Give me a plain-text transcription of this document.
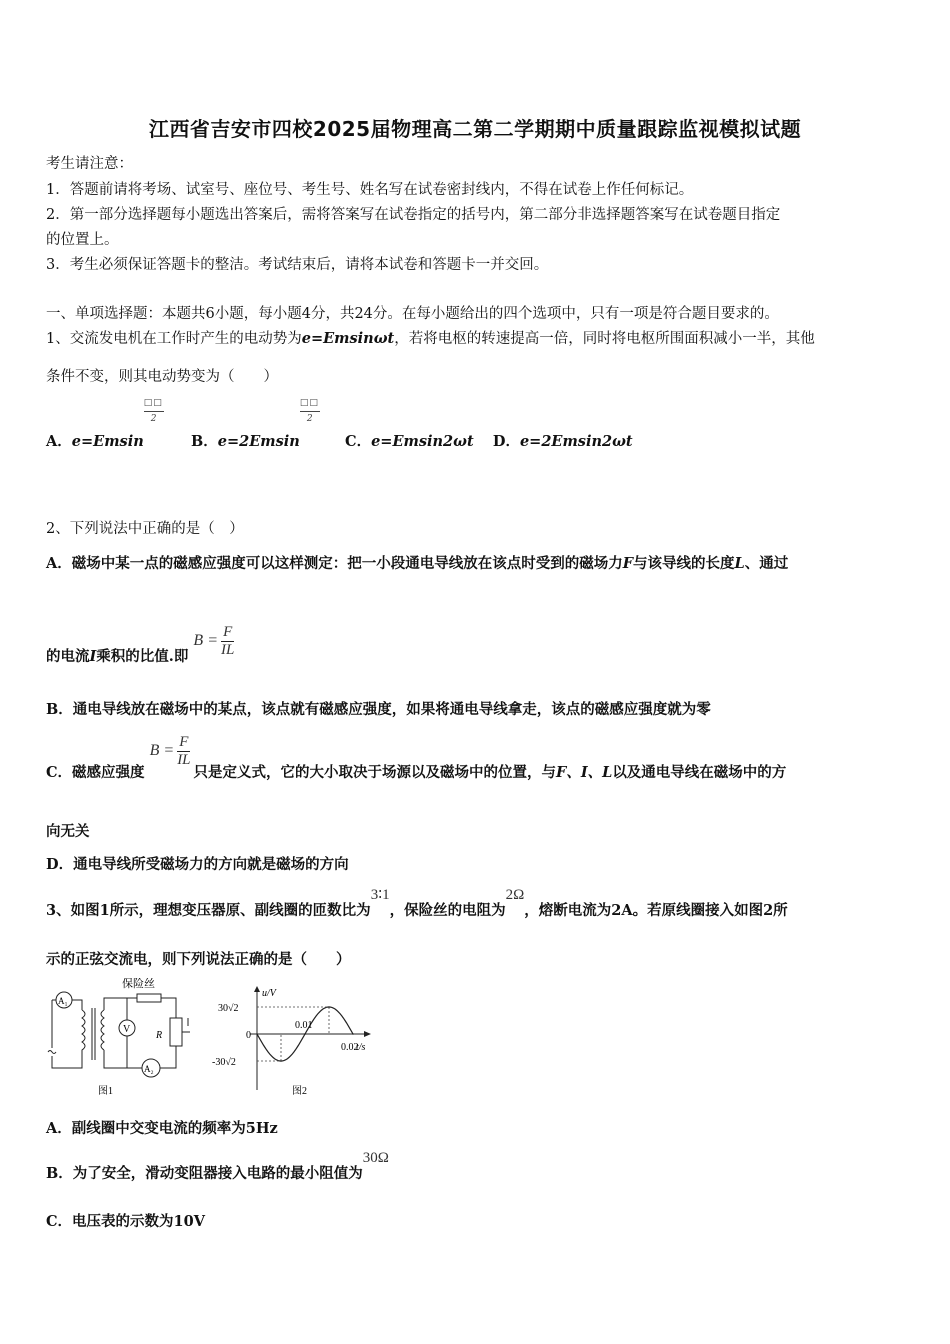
江西省吉安市四校2025届物理高二第二学期期中质量跟踪监视模拟试题
考生请注意：
1．答题前请将考场、试室号、座位号、考生号、姓名写在试卷密封线内，不得在试卷上作任何标记。
2．第一部分选择题每小题选出答案后，需将答案写在试卷指定的括号内，第二部分非选择题答案写在试卷题目指定
的位置上。
3．考生必须保证答题卡的整洁。考试结束后，请将本试卷和答题卡一并交回。
一、单项选择题：本题共6小题，每小题4分，共24分。在每小题给出的四个选项中，只有一项是符合题目要求的。
1、交流发电机在工作时产生的电动势为e=Emsinωt，若将电枢的转速提高一倍，同时将电枢所围面积减小一半，其他
条件不变，则其电动势变为（　　）
A．e=Emsin
$\frac{□□}{2}$
B．e=2Emsin
$\frac{□□}{2}$
C．e=Emsin2ωt D．e=2Emsin2ωt
2、下列说法中正确的是（　）
A．磁场中某一点的磁感应强度可以这样测定：把一小段通电导线放在该点时受到的磁场力F与该导线的长度L、通过
的电流I乘积的比值.即 $B = \frac{F}{IL}$
B．通电导线放在磁场中的某点，该点就有磁感应强度，如果将通电导线拿走，该点的磁感应强度就为零
C．磁感应强度 $B = \frac{F}{IL}$
只是定义式，它的大小取决于场源以及磁场中的位置，与F、I、L以及通电导线在磁场中的方
向无关
D．通电导线所受磁场力的方向就是磁场的方向
3、如图1所示，理想变压器原、副线圈的匝数比为3∶1，保险丝的电阻为2Ω，熔断电流为2A。若原线圈接入如图2所
示的正弦交流电，则下列说法正确的是（　　）
A₁
保险丝
V
A₂
R
图1
u/V
t/s
30√2
0
-30√2
0.01
0.02
图2
A．副线圈中交变电流的频率为5Hz
B．为了安全，滑动变阻器接入电路的最小阻值为30Ω
C．电压表的示数为10V
